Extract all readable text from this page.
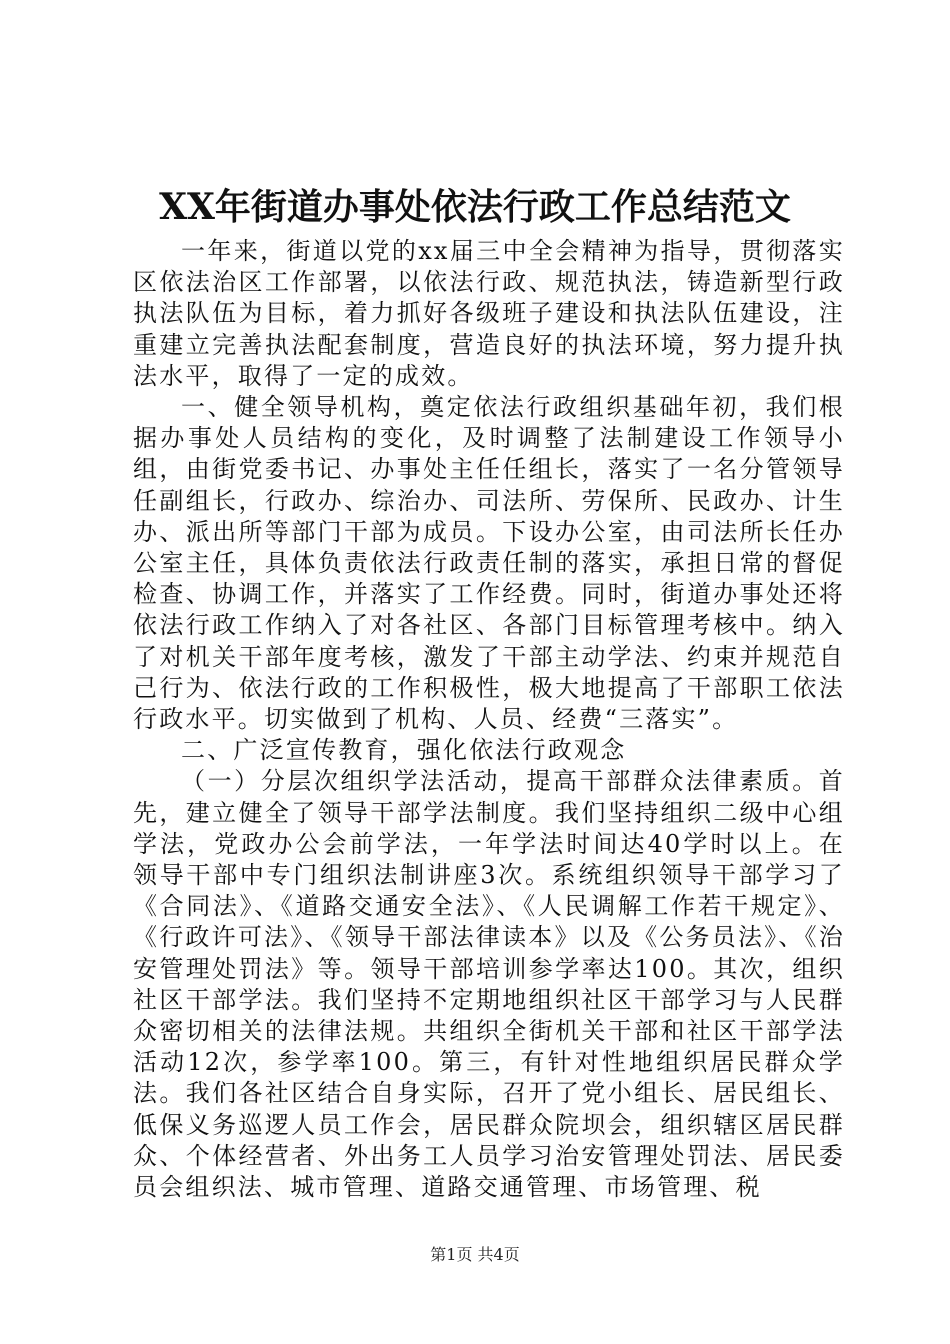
XX年街道办事处依法行政工作总结范文

一年来，街道以党的xx届三中全会精神为指导，贯彻落实区依法治区工作部署，以依法行政、规范执法，铸造新型行政执法队伍为目标，着力抓好各级班子建设和执法队伍建设，注重建立完善执法配套制度，营造良好的执法环境，努力提升执法水平，取得了一定的成效。

一、健全领导机构，奠定依法行政组织基础年初，我们根据办事处人员结构的变化，及时调整了法制建设工作领导小组，由街党委书记、办事处主任任组长，落实了一名分管领导任副组长，行政办、综治办、司法所、劳保所、民政办、计生办、派出所等部门干部为成员。下设办公室，由司法所长任办公室主任，具体负责依法行政责任制的落实，承担日常的督促检查、协调工作，并落实了工作经费。同时，街道办事处还将依法行政工作纳入了对各社区、各部门目标管理考核中。纳入了对机关干部年度考核，激发了干部主动学法、约束并规范自己行为、依法行政的工作积极性，极大地提高了干部职工依法行政水平。切实做到了机构、人员、经费“三落实”。

二、广泛宣传教育，强化依法行政观念

（一）分层次组织学法活动，提高干部群众法律素质。首先，建立健全了领导干部学法制度。我们坚持组织二级中心组学法，党政办公会前学法，一年学法时间达40学时以上。在领导干部中专门组织法制讲座3次。系统组织领导干部学习了《合同法》、《道路交通安全法》、《人民调解工作若干规定》、《行政许可法》、《领导干部法律读本》以及《公务员法》、《治安管理处罚法》等。领导干部培训参学率达100。其次，组织社区干部学法。我们坚持不定期地组织社区干部学习与人民群众密切相关的法律法规。共组织全街机关干部和社区干部学法活动12次，参学率100。第三，有针对性地组织居民群众学法。我们各社区结合自身实际，召开了党小组长、居民组长、低保义务巡逻人员工作会，居民群众院坝会，组织辖区居民群众、个体经营者、外出务工人员学习治安管理处罚法、居民委员会组织法、城市管理、道路交通管理、市场管理、税

第1页 共4页
